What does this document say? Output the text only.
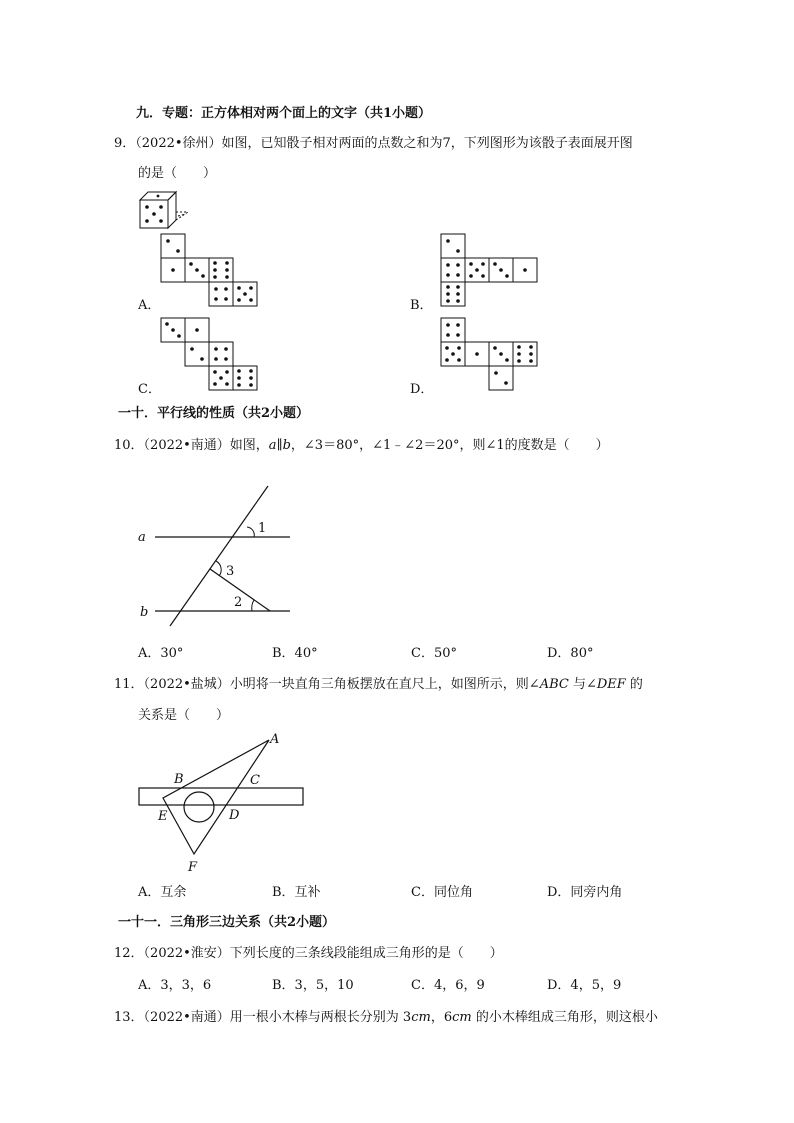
九．专题：正方体相对两个面上的文字（共1小题）
9．（2022•徐州）如图，已知骰子相对两面的点数之和为7，下列图形为该骰子表面展开图
的是（　　）
A．	B．
C．	D．
一十．平行线的性质（共2小题）
10．（2022•南通）如图，a∥b，∠3＝80°，∠1﹣∠2＝20°，则∠1的度数是（　　）
a
b
1
3
2
A．30°	B．40°	C．50°	D．80°
11．（2022•盐城）小明将一块直角三角板摆放在直尺上，如图所示，则∠ABC 与∠DEF 的
关系是（　　）
A
B	C
D
E
F
A．互余	B．互补	C．同位角	D．同旁内角
一十一．三角形三边关系（共2小题）
12．（2022•淮安）下列长度的三条线段能组成三角形的是（　　）
A．3，3，6	B．3，5，10	C．4，6，9	D．4，5，9
13．（2022•南通）用一根小木棒与两根长分别为 3cm，6cm 的小木棒组成三角形，则这根小
